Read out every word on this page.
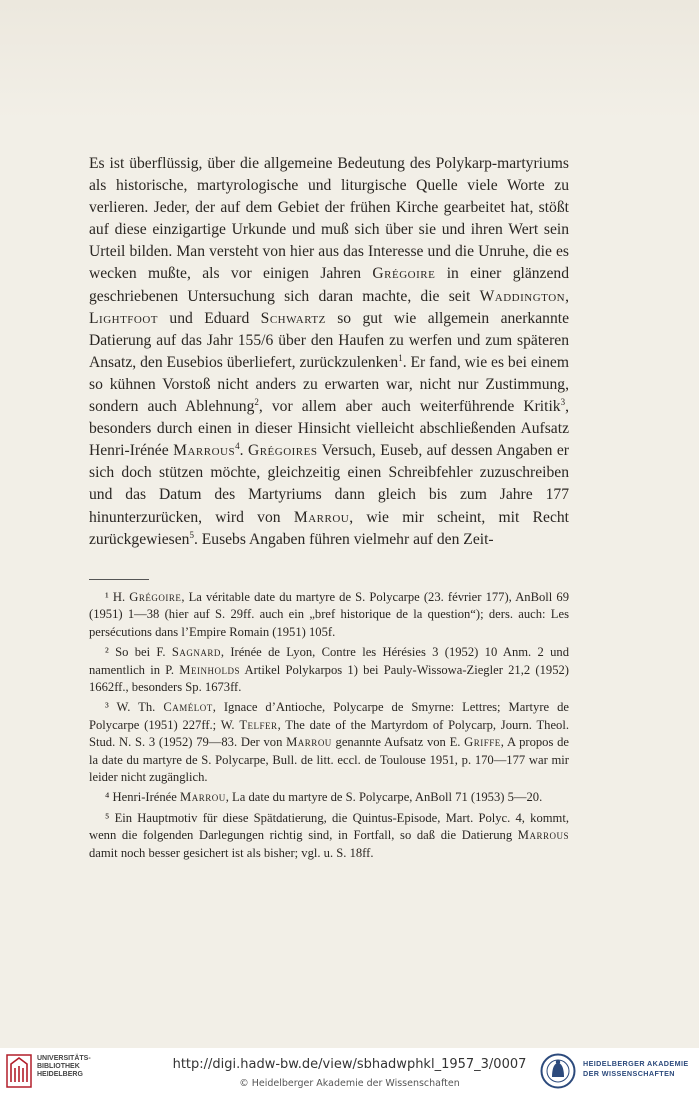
Es ist überflüssig, über die allgemeine Bedeutung des Polykarp-martyriums als historische, martyrologische und liturgische Quelle viele Worte zu verlieren. Jeder, der auf dem Gebiet der frühen Kirche gearbeitet hat, stößt auf diese einzigartige Urkunde und muß sich über sie und ihren Wert sein Urteil bilden. Man versteht von hier aus das Interesse und die Unruhe, die es wecken mußte, als vor einigen Jahren Grégoire in einer glänzend geschriebenen Untersuchung sich daran machte, die seit Waddington, Lightfoot und Eduard Schwartz so gut wie allgemein anerkannte Datierung auf das Jahr 155/6 über den Haufen zu werfen und zum späteren Ansatz, den Eusebios überliefert, zurückzulenken$^1$. Er fand, wie es bei einem so kühnen Vorstoß nicht anders zu erwarten war, nicht nur Zustimmung, sondern auch Ablehnung$^2$, vor allem aber auch weiterführende Kritik$^3$, besonders durch einen in dieser Hinsicht vielleicht abschließenden Aufsatz Henri-Irénée Marrous$^4$. Grégoires Versuch, Euseb, auf dessen Angaben er sich doch stützen möchte, gleichzeitig einen Schreibfehler zuzuschreiben und das Datum des Martyriums dann gleich bis zum Jahre 177 hinunterzurücken, wird von Marrou, wie mir scheint, mit Recht zurückgewiesen$^5$. Eusebs Angaben führen vielmehr auf den Zeit-

¹ H. Grégoire, La véritable date du martyre de S. Polycarpe (23. février 177), AnBoll 69 (1951) 1—38 (hier auf S. 29ff. auch ein „bref historique de la question“); ders. auch: Les persécutions dans l’Empire Romain (1951) 105f.

² So bei F. Sagnard, Irénée de Lyon, Contre les Hérésies 3 (1952) 10 Anm. 2 und namentlich in P. Meinholds Artikel Polykarpos 1) bei Pauly-Wissowa-Ziegler 21,2 (1952) 1662ff., besonders Sp. 1673ff.

³ W. Th. Camélot, Ignace d’Antioche, Polycarpe de Smyrne: Lettres; Martyre de Polycarpe (1951) 227ff.; W. Telfer, The date of the Martyrdom of Polycarp, Journ. Theol. Stud. N. S. 3 (1952) 79—83. Der von Marrou genannte Aufsatz von E. Griffe, A propos de la date du martyre de S. Polycarpe, Bull. de litt. eccl. de Toulouse 1951, p. 170—177 war mir leider nicht zugänglich.

⁴ Henri-Irénée Marrou, La date du martyre de S. Polycarpe, AnBoll 71 (1953) 5—20.

⁵ Ein Hauptmotiv für diese Spätdatierung, die Quintus-Episode, Mart. Polyc. 4, kommt, wenn die folgenden Darlegungen richtig sind, in Fortfall, so daß die Datierung Marrous damit noch besser gesichert ist als bisher; vgl. u. S. 18ff.

UNIVERSITÄTS-
BIBLIOTHEK
HEIDELBERG
http://digi.hadw-bw.de/view/sbhadwphkl_1957_3/0007
© Heidelberger Akademie der Wissenschaften
HEIDELBERGER AKADEMIE
DER WISSENSCHAFTEN
